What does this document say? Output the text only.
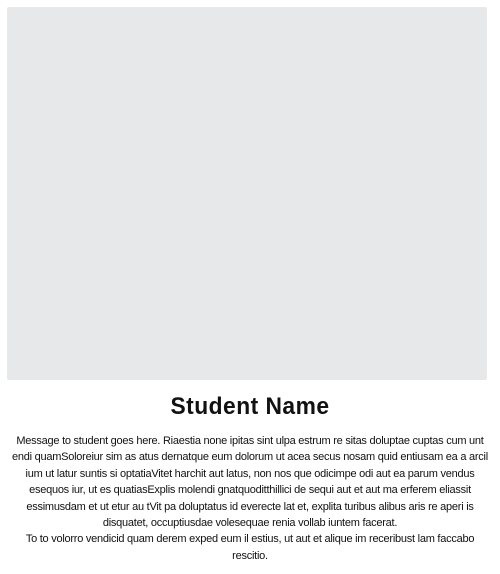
Student Name

Message to student goes here. Riaestia none ipitas sint ulpa estrum re sitas doluptae cuptas cum unt endi quamSoloreiur sim as atus dernatque eum dolorum ut acea secus nosam quid entiusam ea a arcil ium ut latur suntis si optatiaVitet harchit aut latus, non nos que odicimpe odi aut ea parum vendus esequos iur, ut es quatiasExplis molendi gnatquoditthillici de sequi aut et aut ma erferem eliassit essimusdam et ut etur au tVit pa doluptatus id everecte lat et, explita turibus alibus aris re aperi is disquatet, occuptiusdae volesequae renia vollab iuntem facerat.

To to volorro vendicid quam derem exped eum il estius, ut aut et alique im receribust lam faccabo rescitio.
